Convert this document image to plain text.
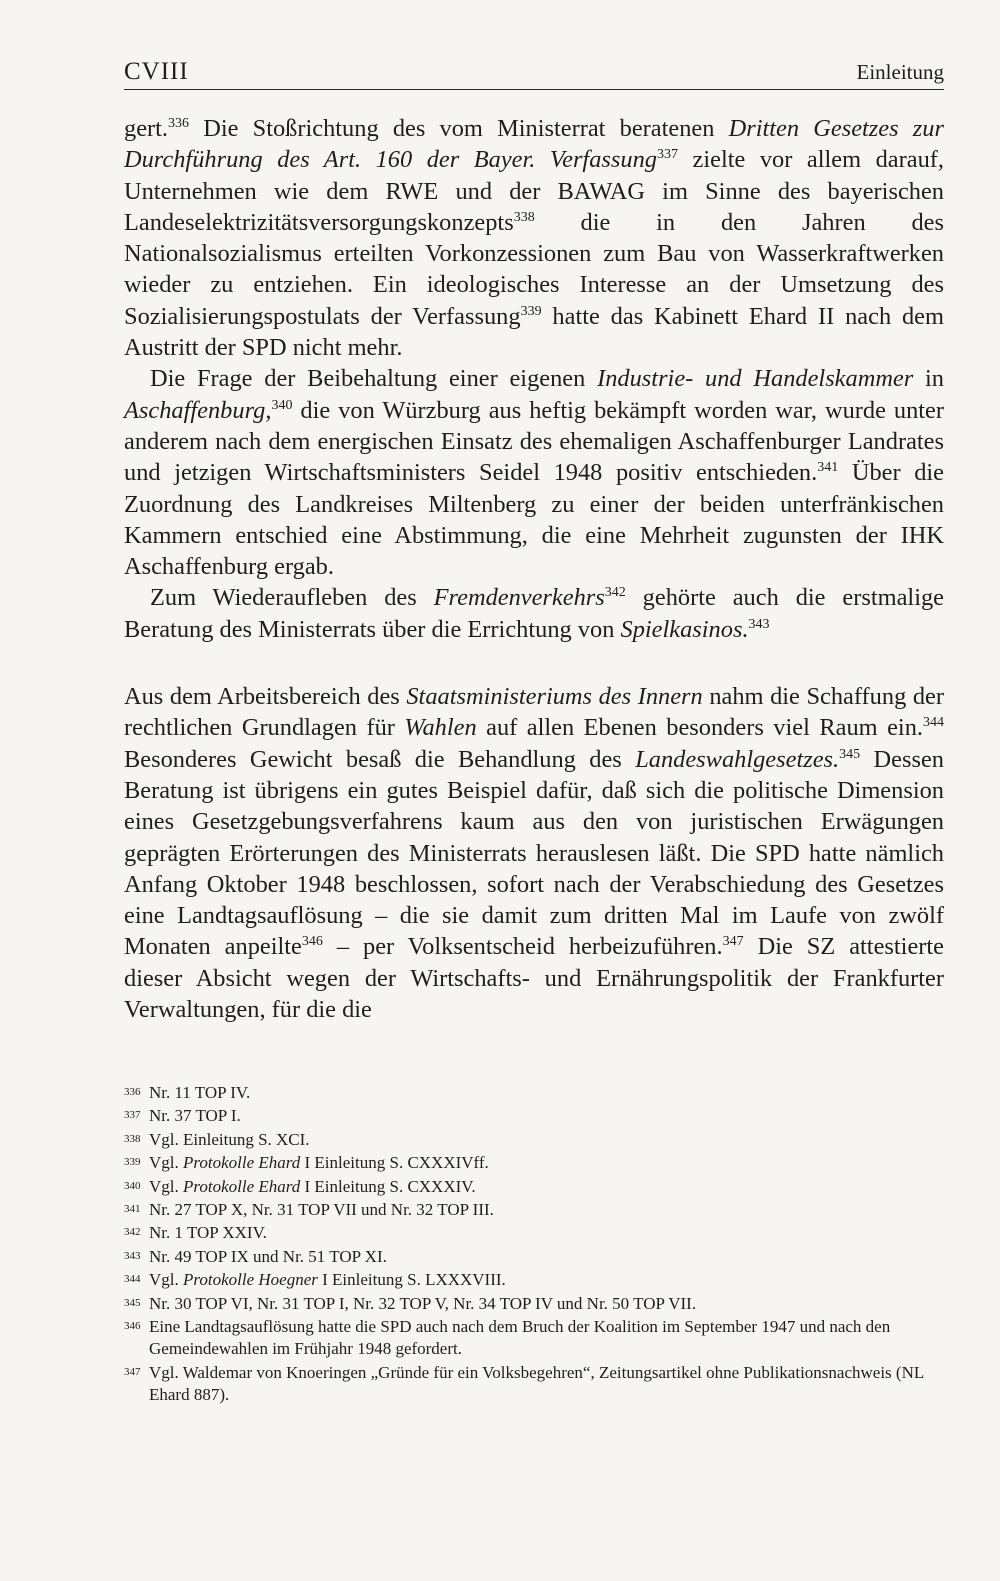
CVIII	Einleitung

gert.$^{336}$ Die Stoßrichtung des vom Ministerrat beratenen Dritten Gesetzes zur Durchführung des Art. 160 der Bayer. Verfassung$^{337}$ zielte vor allem darauf, Unternehmen wie dem RWE und der BAWAG im Sinne des bayerischen Landeselektrizitätsversorgungskonzepts$^{338}$ die in den Jahren des Nationalsozialismus erteilten Vorkonzessionen zum Bau von Wasserkraftwerken wieder zu entziehen. Ein ideologisches Interesse an der Umsetzung des Sozialisierungspostulats der Verfassung$^{339}$ hatte das Kabinett Ehard II nach dem Austritt der SPD nicht mehr.

Die Frage der Beibehaltung einer eigenen Industrie- und Handelskammer in Aschaffenburg,$^{340}$ die von Würzburg aus heftig bekämpft worden war, wurde unter anderem nach dem energischen Einsatz des ehemaligen Aschaffenburger Landrates und jetzigen Wirtschaftsministers Seidel 1948 positiv entschieden.$^{341}$ Über die Zuordnung des Landkreises Miltenberg zu einer der beiden unterfränkischen Kammern entschied eine Abstimmung, die eine Mehrheit zugunsten der IHK Aschaffenburg ergab.

Zum Wiederaufleben des Fremdenverkehrs$^{342}$ gehörte auch die erstmalige Beratung des Ministerrats über die Errichtung von Spielkasinos.$^{343}$

Aus dem Arbeitsbereich des Staatsministeriums des Innern nahm die Schaffung der rechtlichen Grundlagen für Wahlen auf allen Ebenen besonders viel Raum ein.$^{344}$ Besonderes Gewicht besaß die Behandlung des Landeswahlgesetzes.$^{345}$ Dessen Beratung ist übrigens ein gutes Beispiel dafür, daß sich die politische Dimension eines Gesetzgebungsverfahrens kaum aus den von juristischen Erwägungen geprägten Erörterungen des Ministerrats herauslesen läßt. Die SPD hatte nämlich Anfang Oktober 1948 beschlossen, sofort nach der Verabschiedung des Gesetzes eine Landtagsauflösung – die sie damit zum dritten Mal im Laufe von zwölf Monaten anpeilte$^{346}$ – per Volksentscheid herbeizuführen.$^{347}$ Die SZ attestierte dieser Absicht wegen der Wirtschafts- und Ernährungspolitik der Frankfurter Verwaltungen, für die die

336 Nr. 11 TOP IV.

337 Nr. 37 TOP I.

338 Vgl. Einleitung S. XCI.

339 Vgl. Protokolle Ehard I Einleitung S. CXXXIVff.

340 Vgl. Protokolle Ehard I Einleitung S. CXXXIV.

341 Nr. 27 TOP X, Nr. 31 TOP VII und Nr. 32 TOP III.

342 Nr. 1 TOP XXIV.

343 Nr. 49 TOP IX und Nr. 51 TOP XI.

344 Vgl. Protokolle Hoegner I Einleitung S. LXXXVIII.

345 Nr. 30 TOP VI, Nr. 31 TOP I, Nr. 32 TOP V, Nr. 34 TOP IV und Nr. 50 TOP VII.

346 Eine Landtagsauflösung hatte die SPD auch nach dem Bruch der Koalition im September 1947 und nach den Gemeindewahlen im Frühjahr 1948 gefordert.

347 Vgl. Waldemar von Knoeringen „Gründe für ein Volksbegehren“, Zeitungsartikel ohne Publikationsnachweis (NL Ehard 887).
